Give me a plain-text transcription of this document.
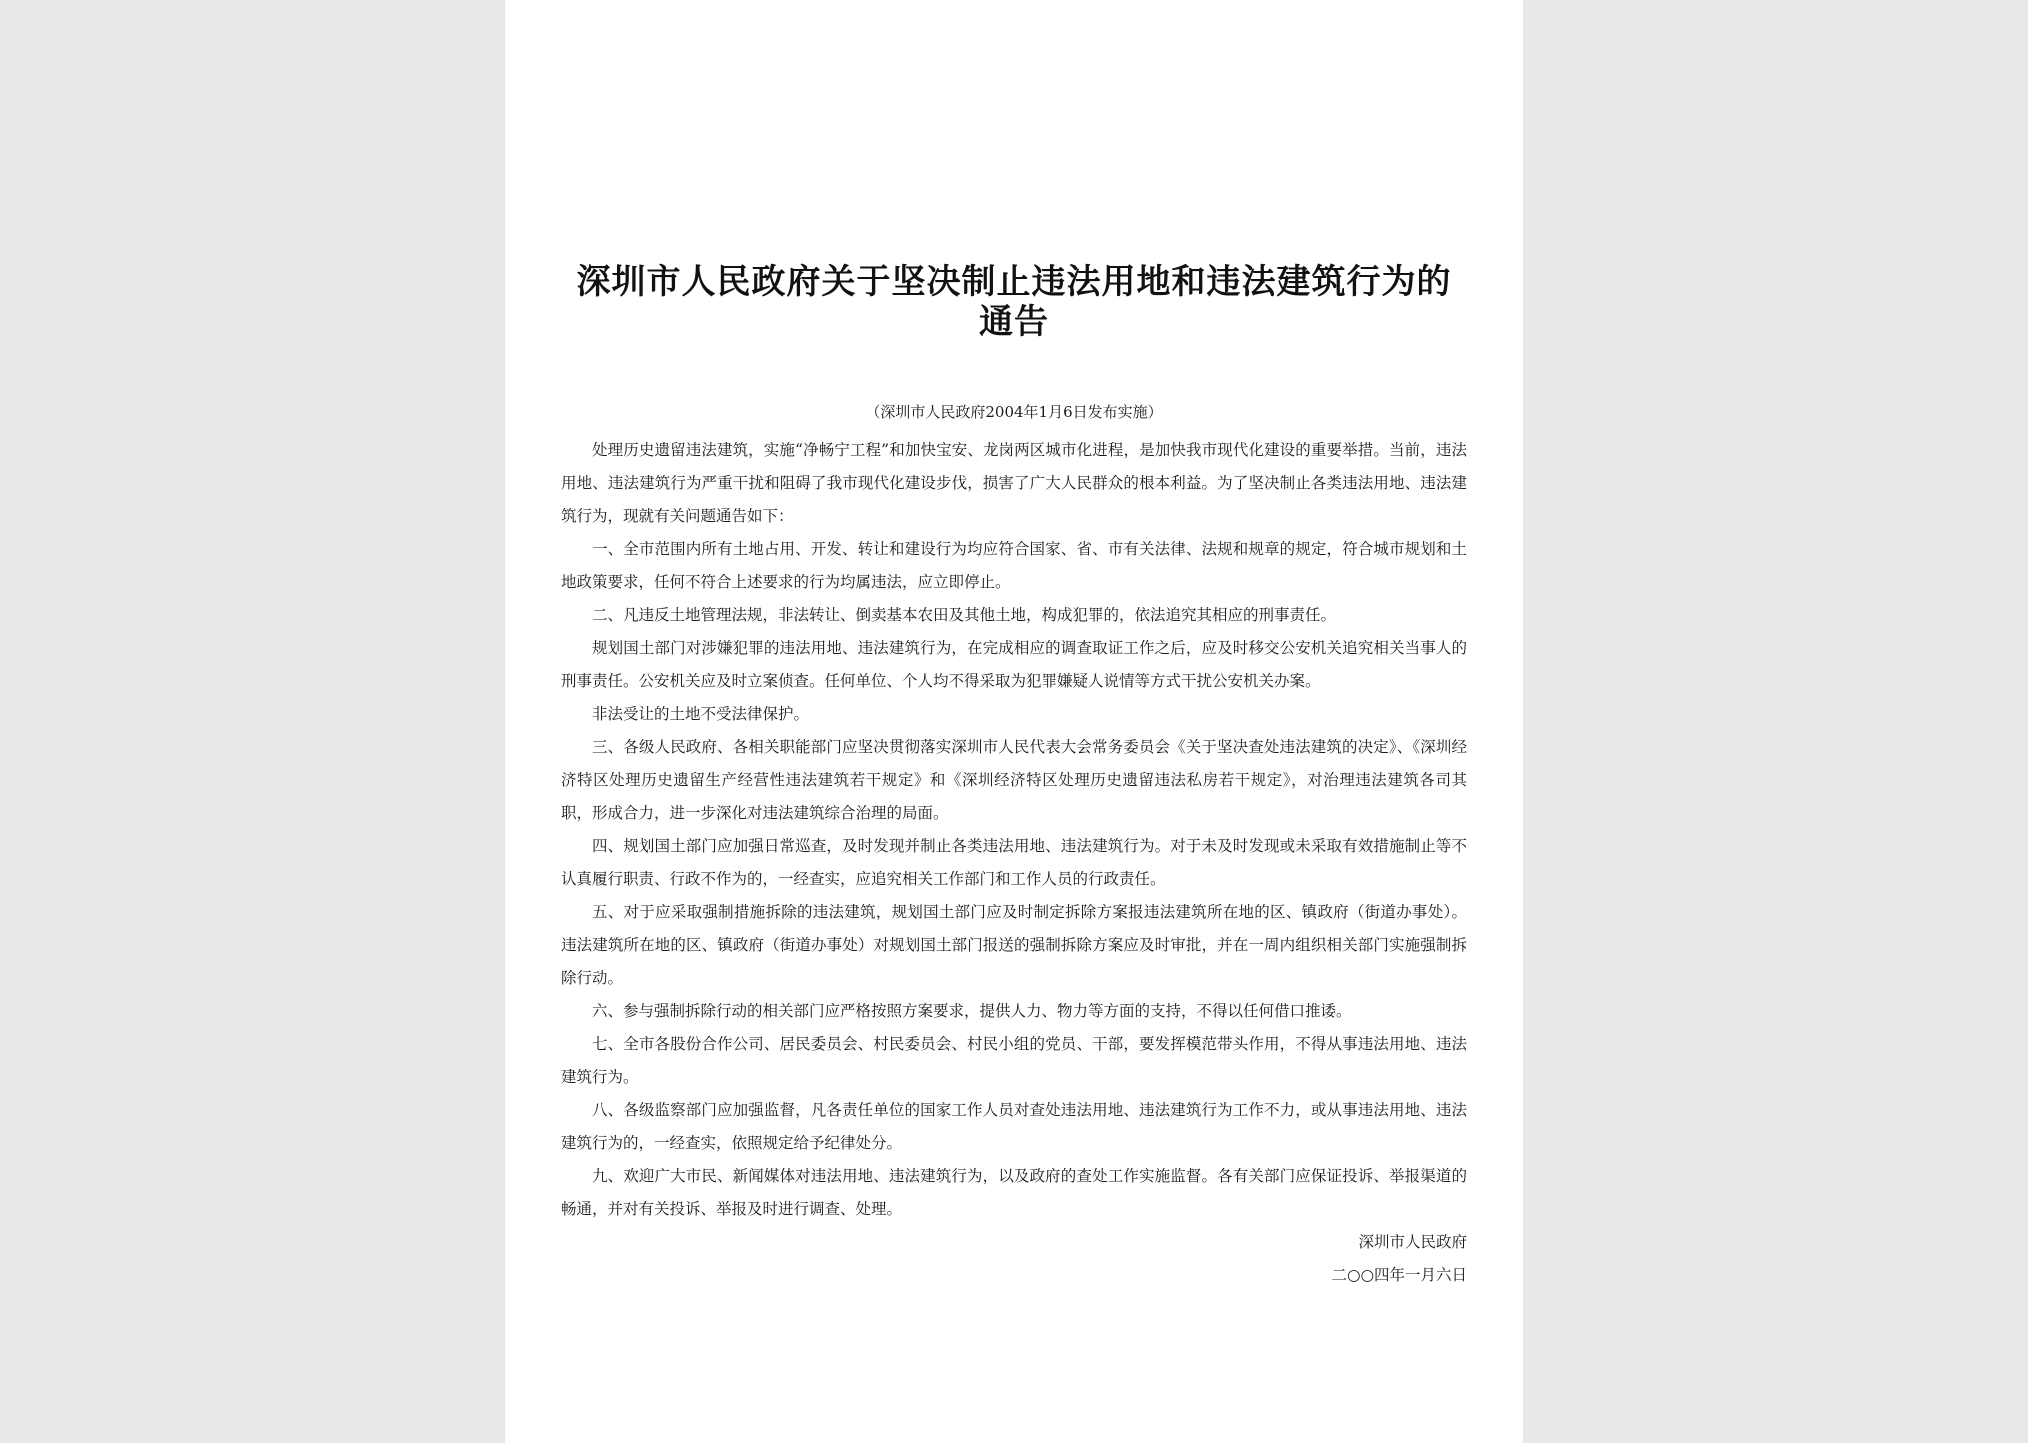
深圳市人民政府关于坚决制止违法用地和违法建筑行为的通告

（深圳市人民政府2004年1月6日发布实施）

处理历史遗留违法建筑，实施“净畅宁工程”和加快宝安、龙岗两区城市化进程，是加快我市现代化建设的重要举措。当前，违法用地、违法建筑行为严重干扰和阻碍了我市现代化建设步伐，损害了广大人民群众的根本利益。为了坚决制止各类违法用地、违法建筑行为，现就有关问题通告如下：

一、全市范围内所有土地占用、开发、转让和建设行为均应符合国家、省、市有关法律、法规和规章的规定，符合城市规划和土地政策要求，任何不符合上述要求的行为均属违法，应立即停止。

二、凡违反土地管理法规，非法转让、倒卖基本农田及其他土地，构成犯罪的，依法追究其相应的刑事责任。

规划国土部门对涉嫌犯罪的违法用地、违法建筑行为，在完成相应的调查取证工作之后，应及时移交公安机关追究相关当事人的刑事责任。公安机关应及时立案侦查。任何单位、个人均不得采取为犯罪嫌疑人说情等方式干扰公安机关办案。

非法受让的土地不受法律保护。

三、各级人民政府、各相关职能部门应坚决贯彻落实深圳市人民代表大会常务委员会《关于坚决查处违法建筑的决定》、《深圳经济特区处理历史遗留生产经营性违法建筑若干规定》和《深圳经济特区处理历史遗留违法私房若干规定》，对治理违法建筑各司其职，形成合力，进一步深化对违法建筑综合治理的局面。

四、规划国土部门应加强日常巡查，及时发现并制止各类违法用地、违法建筑行为。对于未及时发现或未采取有效措施制止等不认真履行职责、行政不作为的，一经查实，应追究相关工作部门和工作人员的行政责任。

五、对于应采取强制措施拆除的违法建筑，规划国土部门应及时制定拆除方案报违法建筑所在地的区、镇政府（街道办事处）。违法建筑所在地的区、镇政府（街道办事处）对规划国土部门报送的强制拆除方案应及时审批，并在一周内组织相关部门实施强制拆除行动。

六、参与强制拆除行动的相关部门应严格按照方案要求，提供人力、物力等方面的支持，不得以任何借口推诿。

七、全市各股份合作公司、居民委员会、村民委员会、村民小组的党员、干部，要发挥模范带头作用，不得从事违法用地、违法建筑行为。

八、各级监察部门应加强监督，凡各责任单位的国家工作人员对查处违法用地、违法建筑行为工作不力，或从事违法用地、违法建筑行为的，一经查实，依照规定给予纪律处分。

九、欢迎广大市民、新闻媒体对违法用地、违法建筑行为，以及政府的查处工作实施监督。各有关部门应保证投诉、举报渠道的畅通，并对有关投诉、举报及时进行调查、处理。

深圳市人民政府

二○○四年一月六日
